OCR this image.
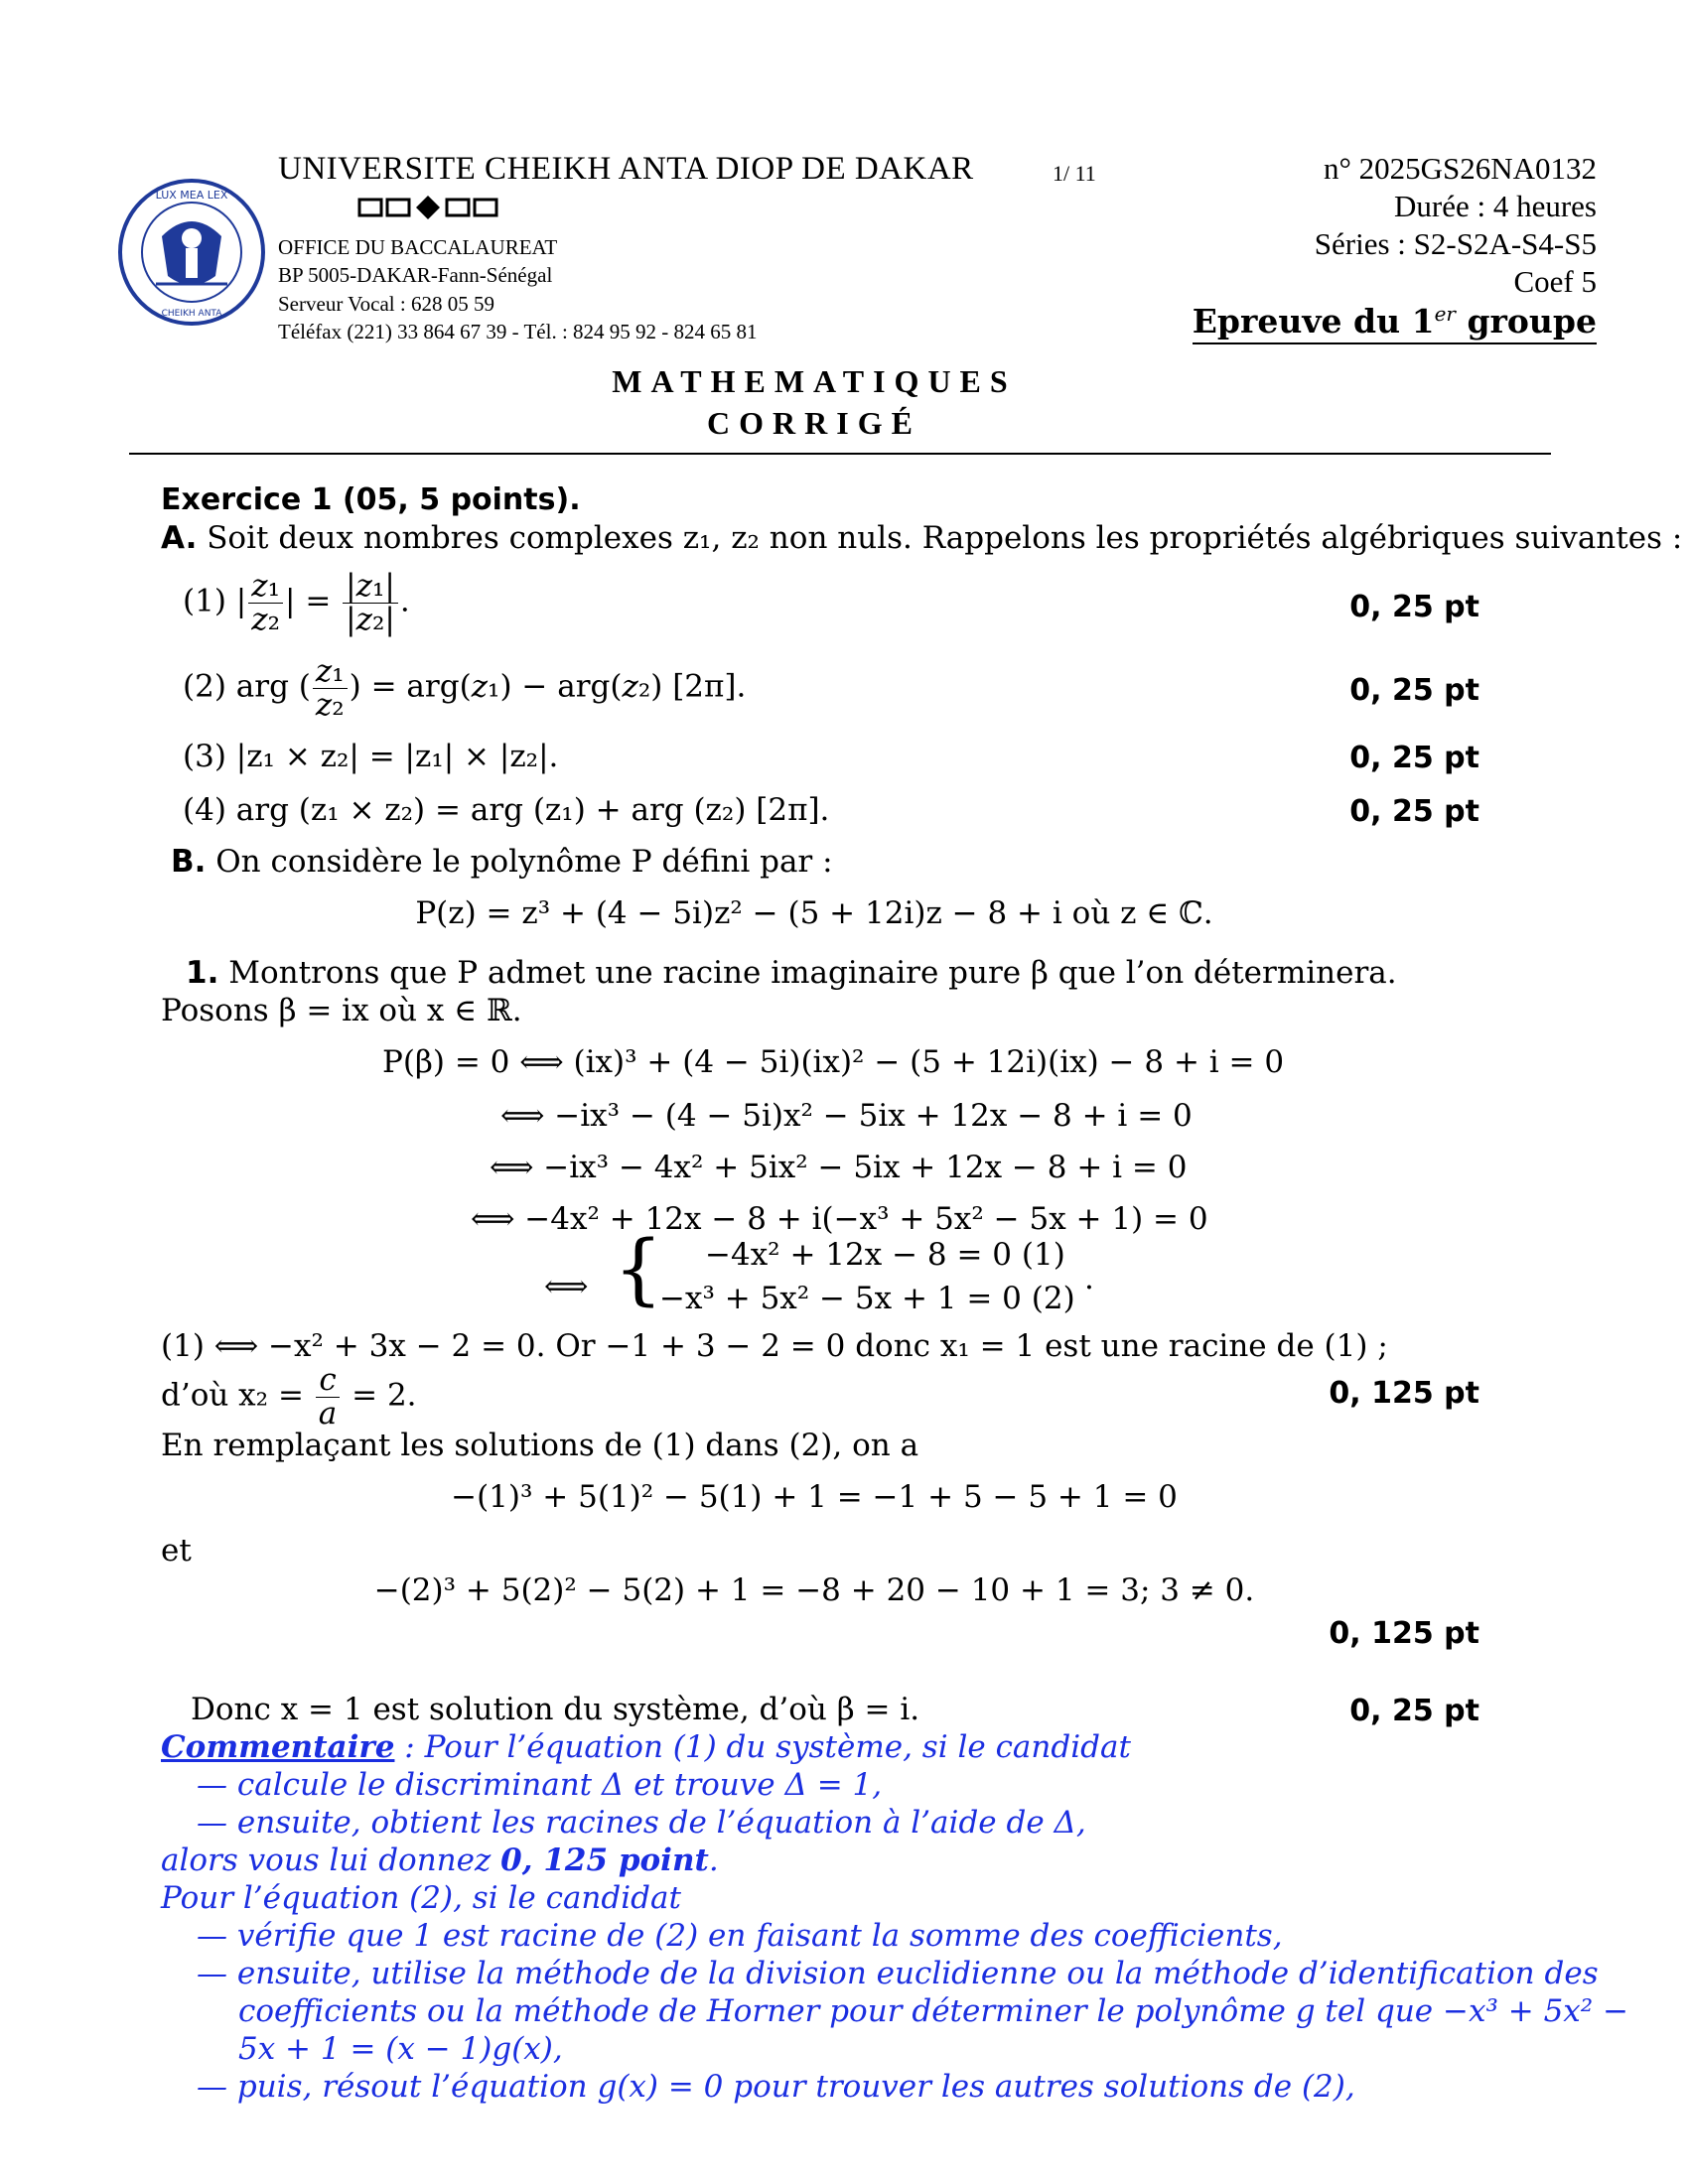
LUX MEA LEX
CHEIKH ANTA
UNIVERSITE CHEIKH ANTA DIOP DE DAKAR	1/ 11
OFFICE DU BACCALAUREAT
BP 5005-DAKAR-Fann-Sénégal
Serveur Vocal : 628 05 59
Téléfax (221) 33 864 67 39 - Tél. : 824 95 92 - 824 65 81
n° 2025GS26NA0132
Durée : 4 heures
Séries : S2-S2A-S4-S5
Coef 5
Epreuve du 1er groupe
MATHEMATIQUES
CORRIGÉ
Exercice 1 (05, 5 points).
A. Soit deux nombres complexes z₁, z₂ non nuls. Rappelons les propriétés algébriques suivantes :
(1) | $\frac{\text{z₁}}{\text{z₂}}$ | = $\frac{\text{|z₁|}}{\text{|z₂|}}$ .	0, 25 pt
(2) arg ( $\frac{\text{z₁}}{\text{z₂}}$ ) = arg(z₁) − arg(z₂) [2π].	0, 25 pt
(3) |z₁ × z₂| = |z₁| × |z₂|.	0, 25 pt
(4) arg (z₁ × z₂) = arg (z₁) + arg (z₂) [2π].	0, 25 pt
B. On considère le polynôme P défini par :
P(z) = z³ + (4 − 5i)z² − (5 + 12i)z − 8 + i où z ∈ ℂ.
1. Montrons que P admet une racine imaginaire pure β que l’on déterminera.
Posons β = ix où x ∈ ℝ.
P(β) = 0 ⟺ (ix)³ + (4 − 5i)(ix)² − (5 + 12i)(ix) − 8 + i = 0
⟺ −ix³ − (4 − 5i)x² − 5ix + 12x − 8 + i = 0
⟺ −ix³ − 4x² + 5ix² − 5ix + 12x − 8 + i = 0
⟺ −4x² + 12x − 8 + i(−x³ + 5x² − 5x + 1) = 0
⟺ { −4x² + 12x − 8 = 0 (1)
−x³ + 5x² − 5x + 1 = 0 (2)
.
(1) ⟺ −x² + 3x − 2 = 0. Or −1 + 3 − 2 = 0 donc x₁ = 1 est une racine de (1) ;
d’où $x_2 = \frac{c}{a} = 2$.	0, 125 pt
En remplaçant les solutions de (1) dans (2), on a
−(1)³ + 5(1)² − 5(1) + 1 = −1 + 5 − 5 + 1 = 0
et
−(2)³ + 5(2)² − 5(2) + 1 = −8 + 20 − 10 + 1 = 3; 3 ≠ 0.
0, 125 pt
Donc x = 1 est solution du système, d’où β = i.	0, 25 pt
Commentaire : Pour l’équation (1) du système, si le candidat
— calcule le discriminant Δ et trouve Δ = 1,
— ensuite, obtient les racines de l’équation à l’aide de Δ,
alors vous lui donnez 0, 125 point.
Pour l’équation (2), si le candidat
— vérifie que 1 est racine de (2) en faisant la somme des coefficients,
— ensuite, utilise la méthode de la division euclidienne ou la méthode d’identification des
coefficients ou la méthode de Horner pour déterminer le polynôme g tel que −x³ + 5x² −
5x + 1 = (x − 1)g(x),
— puis, résout l’équation g(x) = 0 pour trouver les autres solutions de (2),
